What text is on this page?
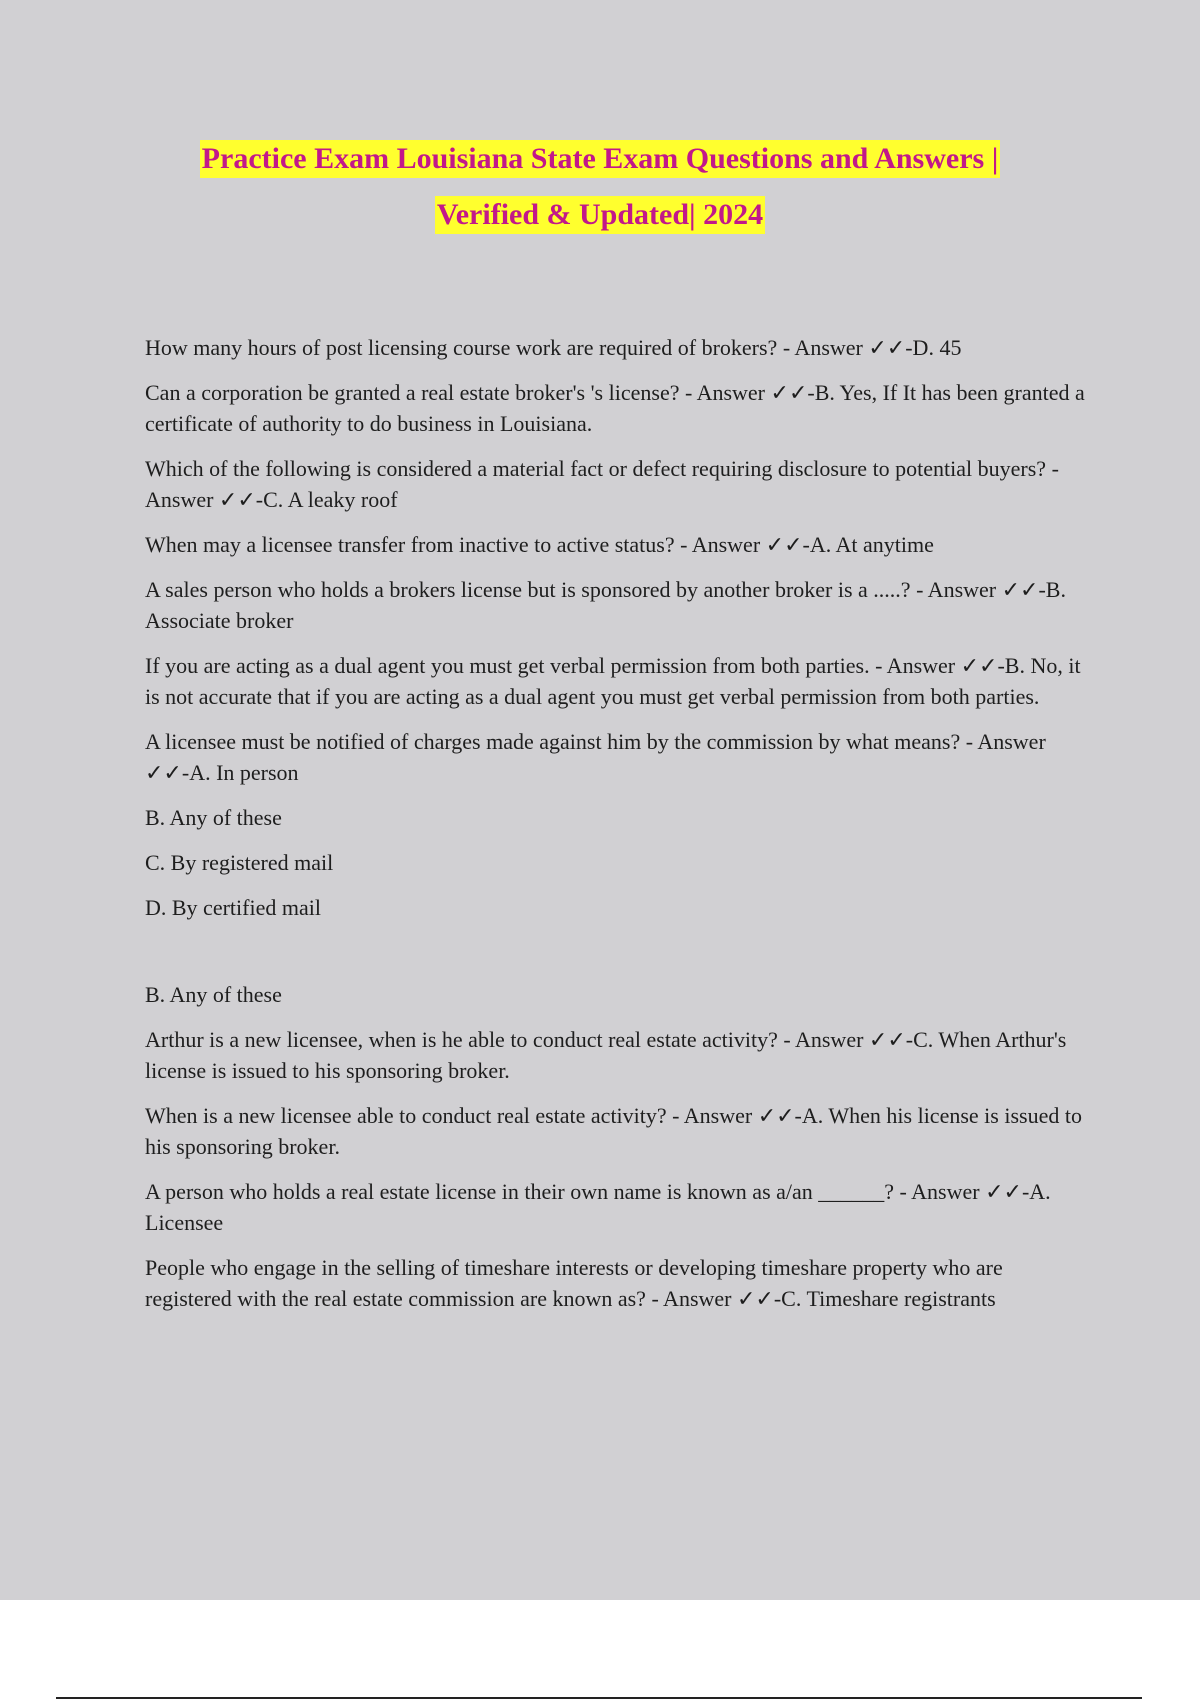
Practice Exam Louisiana State Exam Questions and Answers |
Verified & Updated| 2024

How many hours of post licensing course work are required of brokers? - Answer ✓✓-D. 45

Can a corporation be granted a real estate broker's 's license? - Answer ✓✓-B. Yes, If It has been granted a certificate of authority to do business in Louisiana.

Which of the following is considered a material fact or defect requiring disclosure to potential buyers? - Answer ✓✓-C. A leaky roof

When may a licensee transfer from inactive to active status? - Answer ✓✓-A. At anytime

A sales person who holds a brokers license but is sponsored by another broker is a .....? - Answer ✓✓-B. Associate broker

If you are acting as a dual agent you must get verbal permission from both parties. - Answer ✓✓-B. No, it is not accurate that if you are acting as a dual agent you must get verbal permission from both parties.

A licensee must be notified of charges made against him by the commission by what means? - Answer ✓✓-A. In person

B. Any of these

C. By registered mail

D. By certified mail

B. Any of these

Arthur is a new licensee, when is he able to conduct real estate activity? - Answer ✓✓-C. When Arthur's license is issued to his sponsoring broker.

When is a new licensee able to conduct real estate activity? - Answer ✓✓-A. When his license is issued to his sponsoring broker.

A person who holds a real estate license in their own name is known as a/an ______? - Answer ✓✓-A. Licensee

People who engage in the selling of timeshare interests or developing timeshare property who are registered with the real estate commission are known as? - Answer ✓✓-C. Timeshare registrants
